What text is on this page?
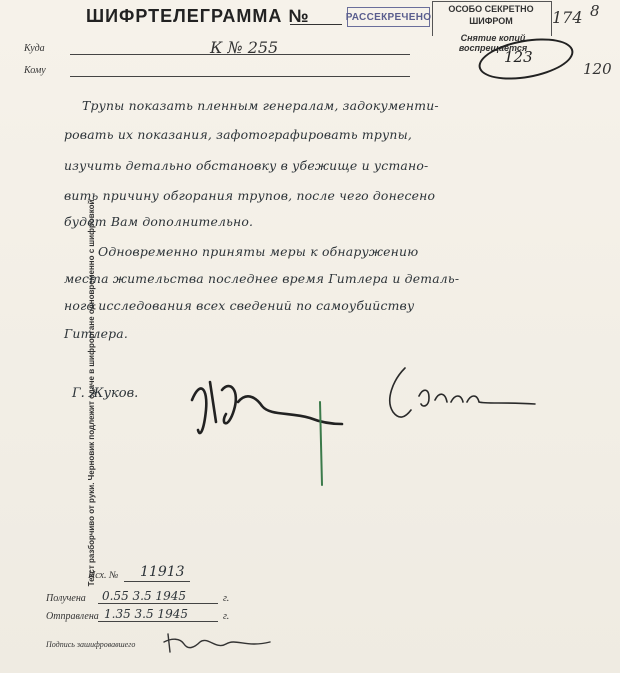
ШИФРТЕЛЕГРАММА №	РАССЕКРЕЧЕНО
ОСОБО СЕКРЕТНО
ШИФРОМ
Снятие копий воспрещается
8
174
123
120
Куда	К № 255
Кому
Текст разборчиво от руки. Черновик подлежит сдаче в шифроргане одновременно с шифровкой
Трупы показать пленным генералам, задокументи-
ровать их показания, зафотографировать трупы,
изучить детально обстановку в убежище и устано-
вить причину обгорания трупов, после чего донесено
будет Вам дополнительно.
Одновременно приняты меры к обнаружению
места жительства последнее время Гитлера и деталь-
ного исследования всех сведений по самоубийству
Гитлера.
Г. Жуков.
Исх. № 11913
Получена 0.55 3.5 1945	г.
Отправлена 1.35 3.5 1945	г.
Подпись зашифровавшего
